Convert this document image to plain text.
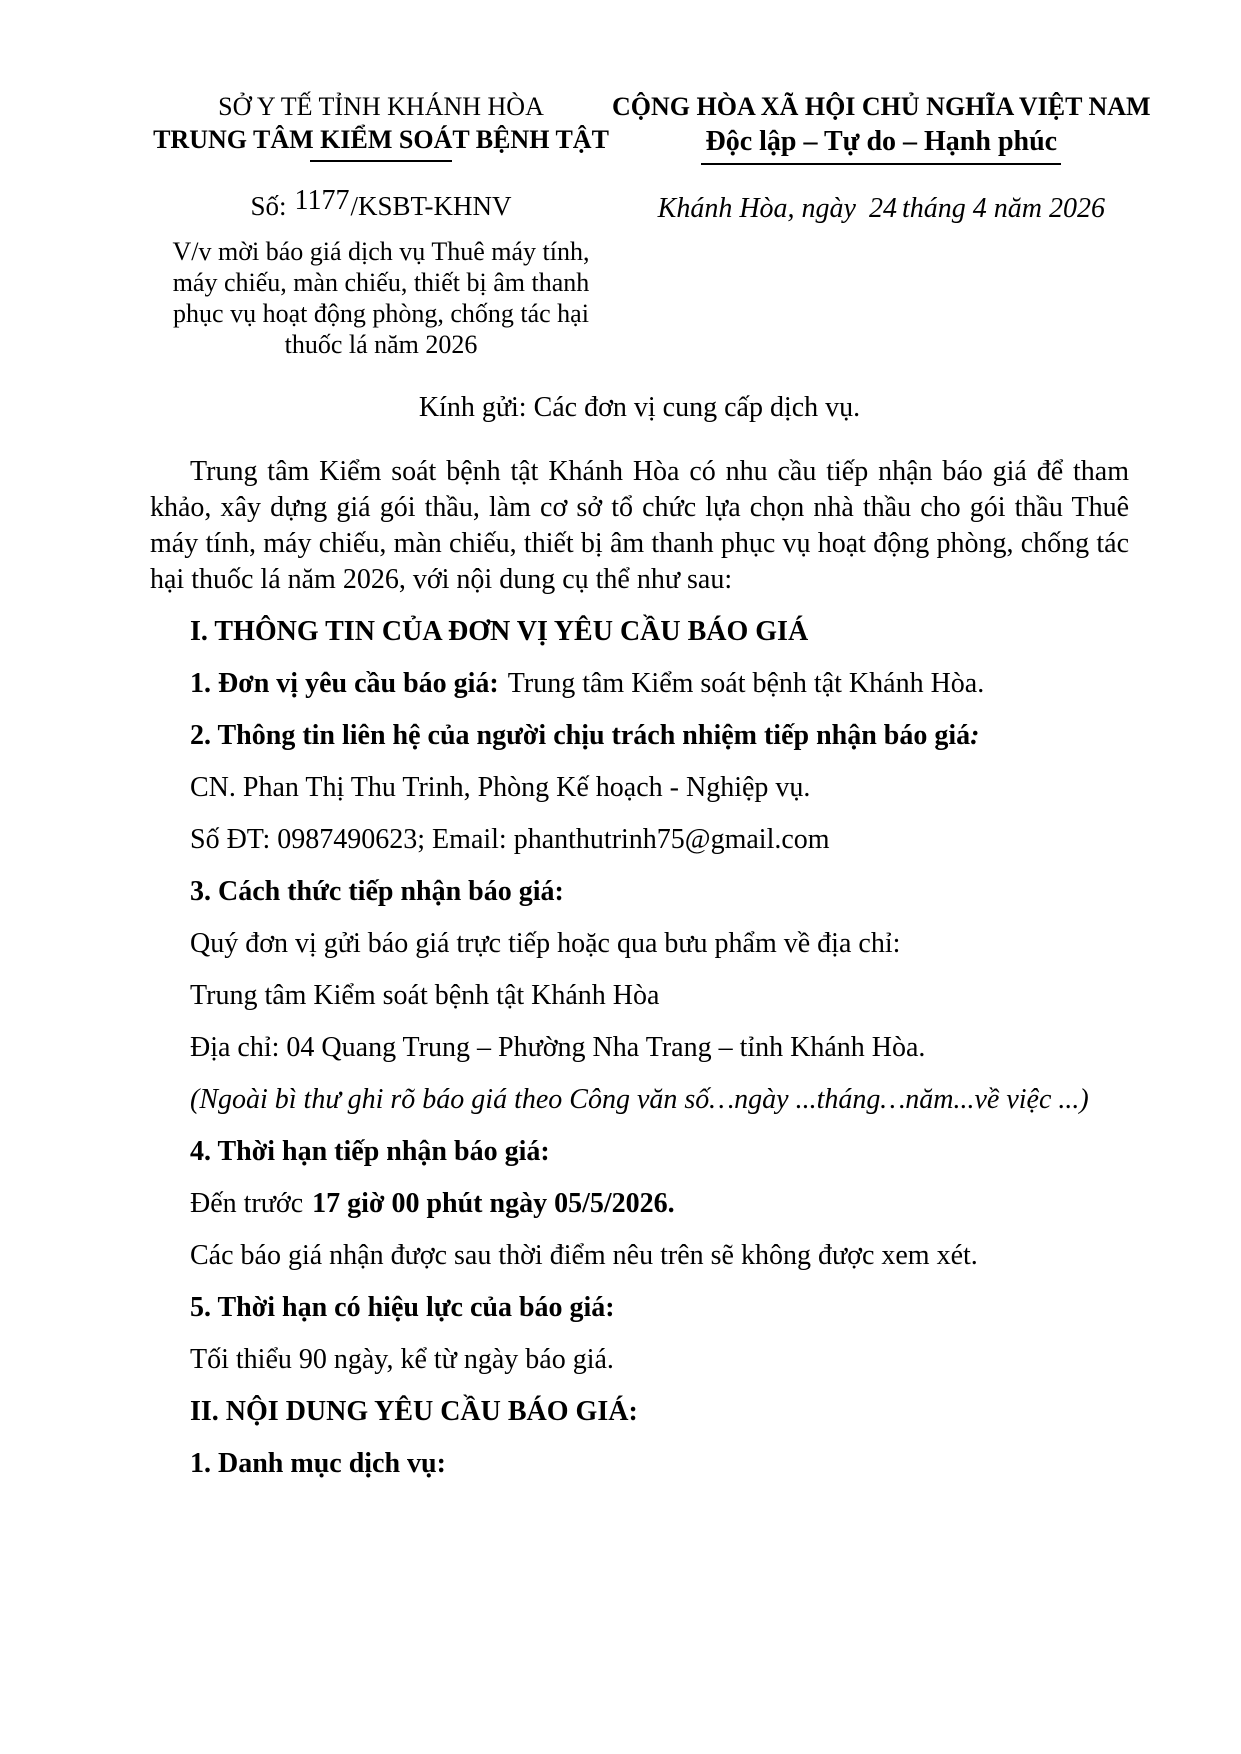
SỞ Y TẾ TỈNH KHÁNH HÒA
TRUNG TÂM KIỂM SOÁT BỆNH TẬT
Số: 1177/KSBT-KHNV
V/v mời báo giá dịch vụ Thuê máy tính, máy chiếu, màn chiếu, thiết bị âm thanh phục vụ hoạt động phòng, chống tác hại thuốc lá năm 2026
CỘNG HÒA XÃ HỘI CHỦ NGHĨA VIỆT NAM
Độc lập – Tự do – Hạnh phúc
Khánh Hòa, ngày 24 tháng 4 năm 2026
Kính gửi: Các đơn vị cung cấp dịch vụ.

Trung tâm Kiểm soát bệnh tật Khánh Hòa có nhu cầu tiếp nhận báo giá để tham khảo, xây dựng giá gói thầu, làm cơ sở tổ chức lựa chọn nhà thầu cho gói thầu Thuê máy tính, máy chiếu, màn chiếu, thiết bị âm thanh phục vụ hoạt động phòng, chống tác hại thuốc lá năm 2026, với nội dung cụ thể như sau:

I. THÔNG TIN CỦA ĐƠN VỊ YÊU CẦU BÁO GIÁ

1. Đơn vị yêu cầu báo giá: Trung tâm Kiểm soát bệnh tật Khánh Hòa.

2. Thông tin liên hệ của người chịu trách nhiệm tiếp nhận báo giá:

CN. Phan Thị Thu Trinh, Phòng Kế hoạch - Nghiệp vụ.

Số ĐT: 0987490623; Email: phanthutrinh75@gmail.com

3. Cách thức tiếp nhận báo giá:

Quý đơn vị gửi báo giá trực tiếp hoặc qua bưu phẩm về địa chỉ:

Trung tâm Kiểm soát bệnh tật Khánh Hòa

Địa chỉ: 04 Quang Trung – Phường Nha Trang – tỉnh Khánh Hòa.

(Ngoài bì thư ghi rõ báo giá theo Công văn số…ngày ...tháng…năm...về việc ...)

4. Thời hạn tiếp nhận báo giá:

Đến trước 17 giờ 00 phút ngày 05/5/2026.

Các báo giá nhận được sau thời điểm nêu trên sẽ không được xem xét.

5. Thời hạn có hiệu lực của báo giá:

Tối thiểu 90 ngày, kể từ ngày báo giá.

II. NỘI DUNG YÊU CẦU BÁO GIÁ:

1. Danh mục dịch vụ:
